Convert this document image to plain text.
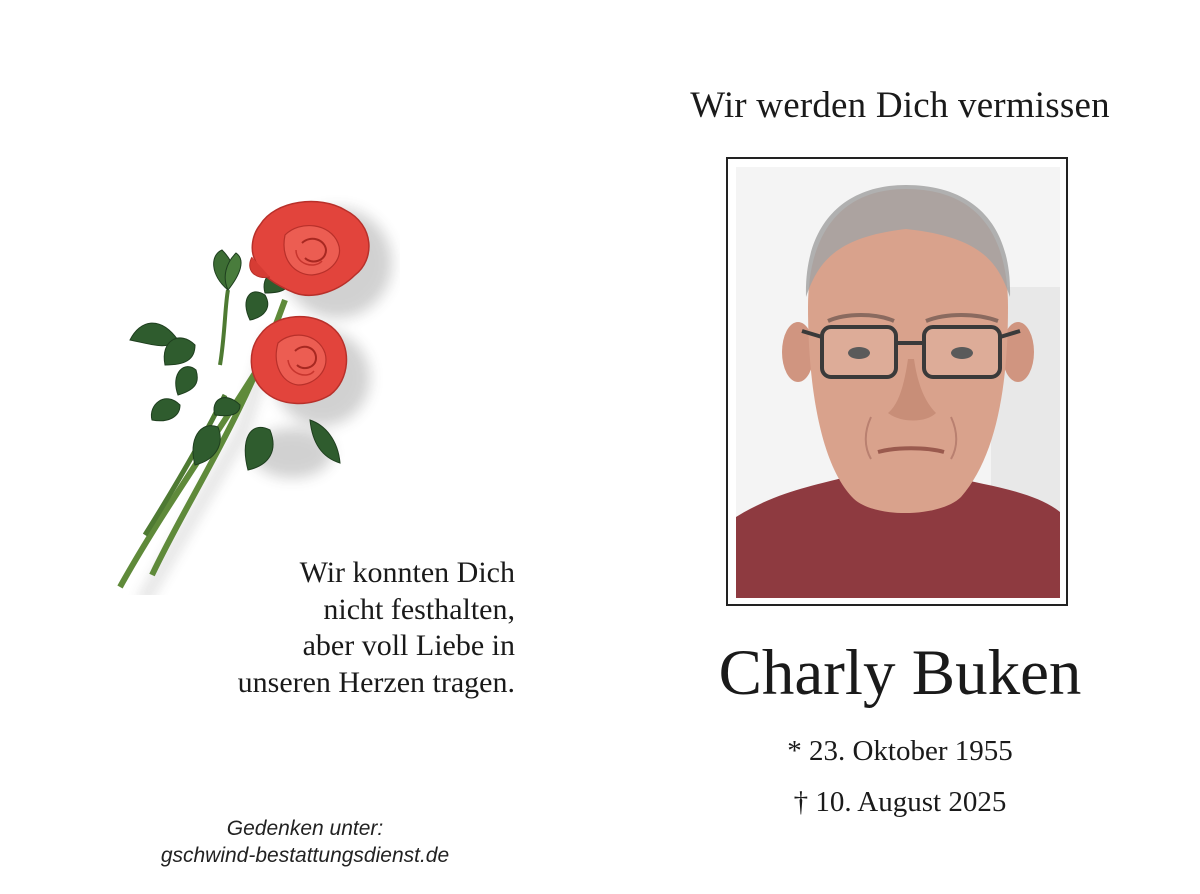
Wir werden Dich vermissen
Charly Buken
* 23. Oktober 1955
† 10. August 2025
Wir konnten Dich
nicht festhalten,
aber voll Liebe in
unseren Herzen tragen.
Gedenken unter:
gschwind-bestattungsdienst.de
